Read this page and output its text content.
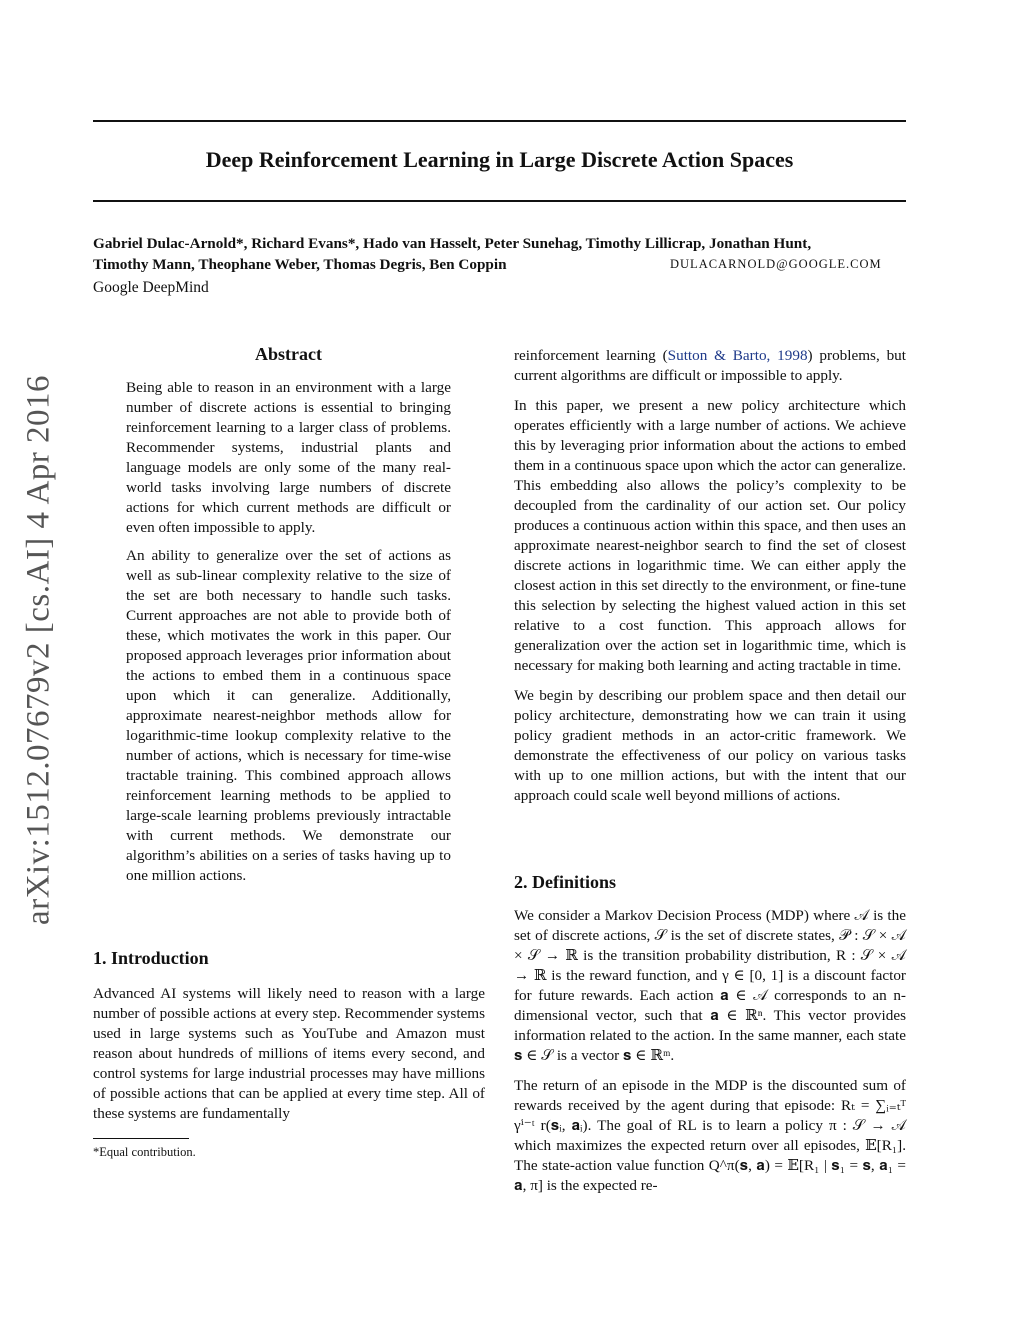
Deep Reinforcement Learning in Large Discrete Action Spaces
Gabriel Dulac-Arnold*, Richard Evans*, Hado van Hasselt, Peter Sunehag, Timothy Lillicrap, Jonathan Hunt,
Timothy Mann, Theophane Weber, Thomas Degris, Ben Coppin	DULACARNOLD@GOOGLE.COM
Google DeepMind
arXiv:1512.07679v2 [cs.AI] 4 Apr 2016
Abstract

Being able to reason in an environment with a large number of discrete actions is essential to bringing reinforcement learning to a larger class of problems. Recommender systems, industrial plants and language models are only some of the many real-world tasks involving large numbers of discrete actions for which current methods are difficult or even often impossible to apply.

An ability to generalize over the set of actions as well as sub-linear complexity relative to the size of the set are both necessary to handle such tasks. Current approaches are not able to provide both of these, which motivates the work in this paper. Our proposed approach leverages prior information about the actions to embed them in a continuous space upon which it can generalize. Additionally, approximate nearest-neighbor methods allow for logarithmic-time lookup complexity relative to the number of actions, which is necessary for time-wise tractable training. This combined approach allows reinforcement learning methods to be applied to large-scale learning problems previously intractable with current methods. We demonstrate our algorithm’s abilities on a series of tasks having up to one million actions.

1. Introduction

Advanced AI systems will likely need to reason with a large number of possible actions at every step. Recommender systems used in large systems such as YouTube and Amazon must reason about hundreds of millions of items every second, and control systems for large industrial processes may have millions of possible actions that can be applied at every time step. All of these systems are fundamentally

*Equal contribution.

reinforcement learning (Sutton & Barto, 1998) problems, but current algorithms are difficult or impossible to apply.

In this paper, we present a new policy architecture which operates efficiently with a large number of actions. We achieve this by leveraging prior information about the actions to embed them in a continuous space upon which the actor can generalize. This embedding also allows the policy’s complexity to be decoupled from the cardinality of our action set. Our policy produces a continuous action within this space, and then uses an approximate nearest-neighbor search to find the set of closest discrete actions in logarithmic time. We can either apply the closest action in this set directly to the environment, or fine-tune this selection by selecting the highest valued action in this set relative to a cost function. This approach allows for generalization over the action set in logarithmic time, which is necessary for making both learning and acting tractable in time.

We begin by describing our problem space and then detail our policy architecture, demonstrating how we can train it using policy gradient methods in an actor-critic framework. We demonstrate the effectiveness of our policy on various tasks with up to one million actions, but with the intent that our approach could scale well beyond millions of actions.

2. Definitions

We consider a Markov Decision Process (MDP) where 𝒜 is the set of discrete actions, 𝒮 is the set of discrete states, 𝒫 : 𝒮 × 𝒜 × 𝒮 → ℝ is the transition probability distribution, R : 𝒮 × 𝒜 → ℝ is the reward function, and γ ∈ [0, 1] is a discount factor for future rewards. Each action 𝐚 ∈ 𝒜 corresponds to an n-dimensional vector, such that 𝐚 ∈ ℝⁿ. This vector provides information related to the action. In the same manner, each state 𝐬 ∈ 𝒮 is a vector 𝐬 ∈ ℝᵐ.

The return of an episode in the MDP is the discounted sum of rewards received by the agent during that episode: Rₜ = ∑ᵢ₌ₜᵀ γⁱ⁻ᵗ r(𝐬ᵢ, 𝐚ᵢ). The goal of RL is to learn a policy π : 𝒮 → 𝒜 which maximizes the expected return over all episodes, 𝔼[R₁]. The state-action value function Q^π(𝐬, 𝐚) = 𝔼[R₁ | 𝐬₁ = 𝐬, 𝐚₁ = 𝐚, π] is the expected re-
